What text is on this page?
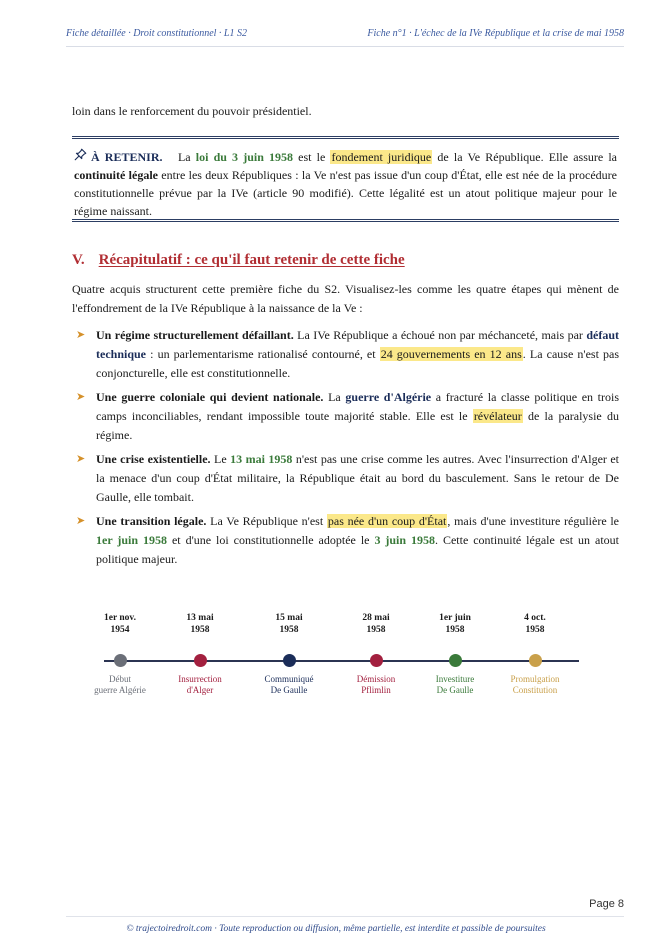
Fiche détaillée · Droit constitutionnel · L1 S2	Fiche n°1 · L'échec de la IVe République et la crise de mai 1958

loin dans le renforcement du pouvoir présidentiel.

À RETENIR. La loi du 3 juin 1958 est le fondement juridique de la Ve République. Elle assure la continuité légale entre les deux Républiques : la Ve n'est pas issue d'un coup d'État, elle est née de la procédure constitutionnelle prévue par la IVe (article 90 modifié). Cette légalité est un atout politique majeur pour le régime naissant.

V. Récapitulatif : ce qu'il faut retenir de cette fiche

Quatre acquis structurent cette première fiche du S2. Visualisez-les comme les quatre étapes qui mènent de l'effondrement de la IVe République à la naissance de la Ve :

➤ Un régime structurellement défaillant. La IVe République a échoué non par méchanceté, mais par défaut technique : un parlementarisme rationalisé contourné, et 24 gouvernements en 12 ans. La cause n'est pas conjoncturelle, elle est constitutionnelle.
➤ Une guerre coloniale qui devient nationale. La guerre d'Algérie a fracturé la classe politique en trois camps inconciliables, rendant impossible toute majorité stable. Elle est le révélateur de la paralysie du régime.
➤ Une crise existentielle. Le 13 mai 1958 n'est pas une crise comme les autres. Avec l'insurrection d'Alger et la menace d'un coup d'État militaire, la République était au bord du basculement. Sans le retour de De Gaulle, elle tombait.
➤ Une transition légale. La Ve République n'est pas née d'un coup d'État, mais d'une investiture régulière le 1er juin 1958 et d'une loi constitutionnelle adoptée le 3 juin 1958. Cette continuité légale est un atout politique majeur.
1er nov.
1954
Début
guerre Algérie
13 mai
1958
Insurrection
d'Alger
15 mai
1958
Communiqué
De Gaulle
28 mai
1958
Démission
Pflimlin
1er juin
1958
Investiture
De Gaulle
4 oct.
1958
Promulgation
Constitution
Page 8
© trajectoiredroit.com · Toute reproduction ou diffusion, même partielle, est interdite et passible de poursuites
